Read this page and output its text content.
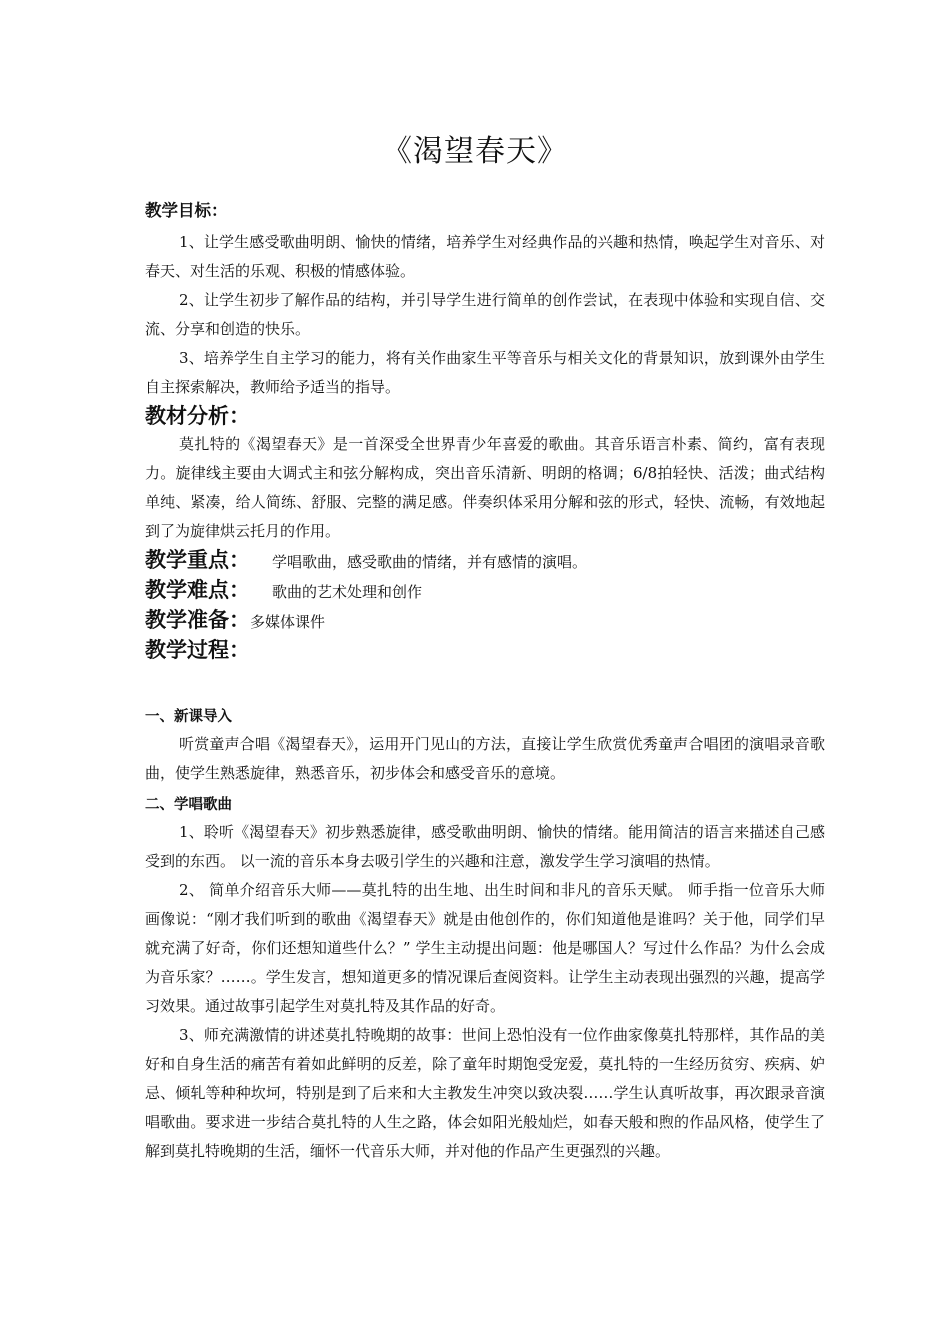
《渴望春天》

教学目标：

1、让学生感受歌曲明朗、愉快的情绪，培养学生对经典作品的兴趣和热情，唤起学生对音乐、对春天、对生活的乐观、积极的情感体验。

2、让学生初步了解作品的结构，并引导学生进行简单的创作尝试，在表现中体验和实现自信、交流、分享和创造的快乐。

3、培养学生自主学习的能力，将有关作曲家生平等音乐与相关文化的背景知识，放到课外由学生自主探索解决，教师给予适当的指导。

教材分析：

莫扎特的《渴望春天》是一首深受全世界青少年喜爱的歌曲。其音乐语言朴素、简约，富有表现力。旋律线主要由大调式主和弦分解构成，突出音乐清新、明朗的格调；6/8拍轻快、活泼；曲式结构单纯、紧凑，给人简练、舒服、完整的满足感。伴奏织体采用分解和弦的形式，轻快、流畅，有效地起到了为旋律烘云托月的作用。

教学重点： 学唱歌曲，感受歌曲的情绪，并有感情的演唱。

教学难点： 歌曲的艺术处理和创作

教学准备：多媒体课件

教学过程：

一、新课导入

听赏童声合唱《渴望春天》，运用开门见山的方法，直接让学生欣赏优秀童声合唱团的演唱录音歌曲，使学生熟悉旋律，熟悉音乐，初步体会和感受音乐的意境。

二、学唱歌曲

1、聆听《渴望春天》初步熟悉旋律，感受歌曲明朗、愉快的情绪。能用简洁的语言来描述自己感受到的东西。 以一流的音乐本身去吸引学生的兴趣和注意，激发学生学习演唱的热情。

2、 简单介绍音乐大师——莫扎特的出生地、出生时间和非凡的音乐天赋。 师手指一位音乐大师画像说：“刚才我们听到的歌曲《渴望春天》就是由他创作的，你们知道他是谁吗？关于他，同学们早就充满了好奇，你们还想知道些什么？” 学生主动提出问题：他是哪国人？写过什么作品？为什么会成为音乐家？……。学生发言，想知道更多的情况课后查阅资料。让学生主动表现出强烈的兴趣，提高学习效果。通过故事引起学生对莫扎特及其作品的好奇。

3、师充满激情的讲述莫扎特晚期的故事：世间上恐怕没有一位作曲家像莫扎特那样，其作品的美好和自身生活的痛苦有着如此鲜明的反差，除了童年时期饱受宠爱，莫扎特的一生经历贫穷、疾病、妒忌、倾轧等种种坎坷，特别是到了后来和大主教发生冲突以致决裂……学生认真听故事，再次跟录音演唱歌曲。要求进一步结合莫扎特的人生之路，体会如阳光般灿烂，如春天般和煦的作品风格，使学生了解到莫扎特晚期的生活，缅怀一代音乐大师，并对他的作品产生更强烈的兴趣。
